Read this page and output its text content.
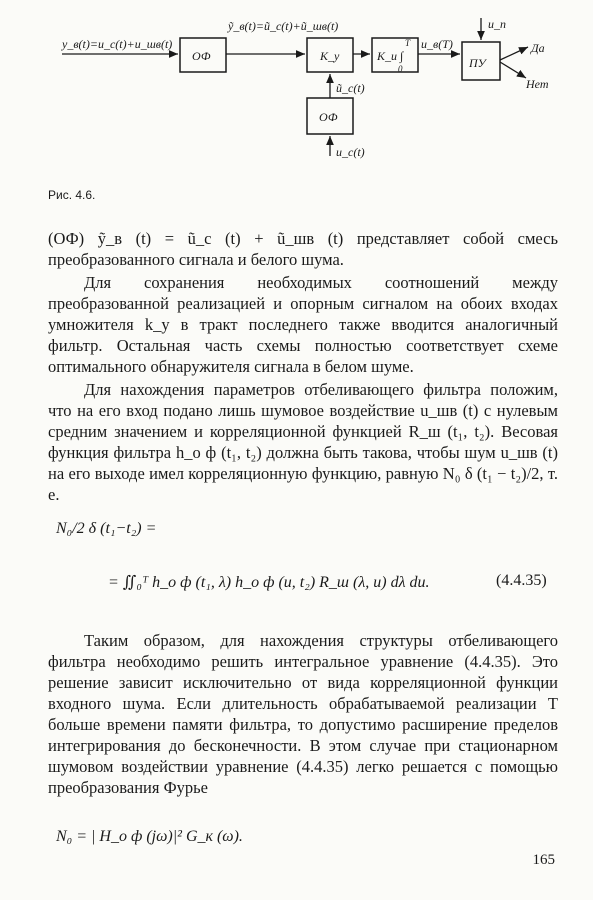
y_в(t)=u_c(t)+u_шв(t)
ОФ
ỹ_в(t)=ũ_c(t)+ũ_шв(t)
K_у	K_и ∫
T
0
u_в(T)
ПУ
u_п
Да
Нет
ОФ
ũ_c(t)
u_c(t)
Рис. 4.6.

(ОФ) ỹ_в (t) = ũ_с (t) + ũ_шв (t) представляет собой смесь преобразованного сигнала и белого шума.

Для сохранения необходимых соотношений между преобразованной реализацией и опорным сигналом на обоих входах умножителя k_у в тракт последнего также вводится аналогичный фильтр. Остальная часть схемы полностью соответствует схеме оптимального обнаружителя сигнала в белом шуме.

Для нахождения параметров отбеливающего фильтра положим, что на его вход подано лишь шумовое воздействие u_шв (t) с нулевым средним значением и корреляционной функцией R_ш (t₁, t₂). Весовая функция фильтра h_о ф (t₁, t₂) должна быть такова, чтобы шум u_шв (t) на его выходе имел корреляционную функцию, равную N₀ δ (t₁ − t₂)/2, т. е.

N₀/2 δ (t₁−t₂) =
= ∬₀ᵀ h_о ф (t₁, λ) h_о ф (u, t₂) R_ш (λ, u) dλ du.	(4.4.35)

Таким образом, для нахождения структуры отбеливающего фильтра необходимо решить интегральное уравнение (4.4.35). Это решение зависит исключительно от вида корреляционной функции входного шума. Если длительность обрабатываемой реализации T больше времени памяти фильтра, то допустимо расширение пределов интегрирования до бесконечности. В этом случае при стационарном шумовом воздействии уравнение (4.4.35) легко решается с помощью преобразования Фурье

N₀ = | H_о ф (jω)|² G_к (ω).
165
